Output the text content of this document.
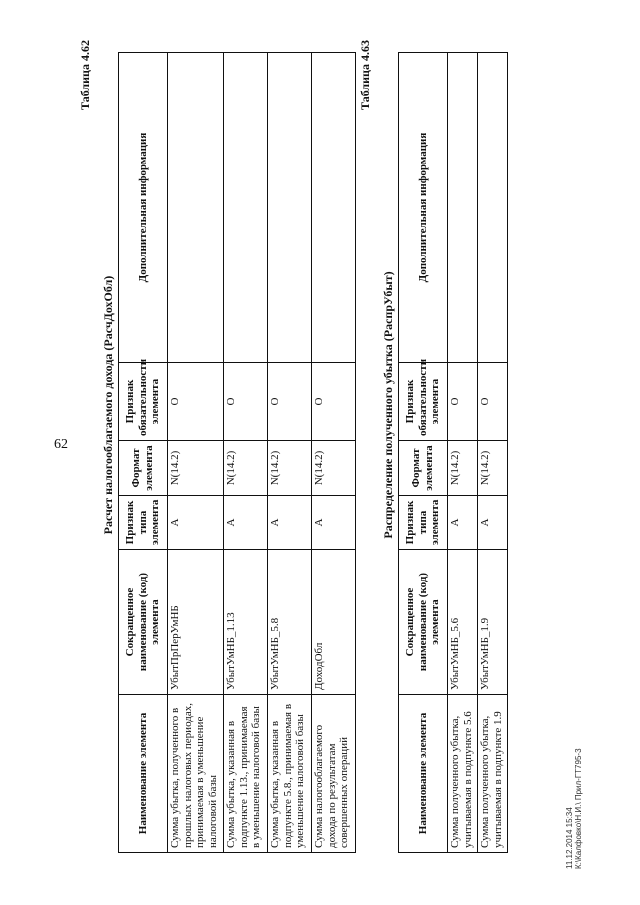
62
Таблица 4.62
Расчет налогооблагаемого дохода (РасчДохОбл)
Наименование элемента	Сокращенное наименование (код) элемента	Признак типа элемента	Формат элемента	Признак обязательности элемента	Дополнительная информация
Сумма убытка, полученного в прошлых налоговых периодах, принимаемая в уменьшение налоговой базы	УбытПрПерУмНБ	А	N(14.2)	О	
Сумма убытка, указанная в подпункте 1.13., принимаемая в уменьшение налоговой базы	УбытУмНБ_1.13	А	N(14.2)	О	
Сумма убытка, указанная в подпункте 5.8., принимаемая в уменьшение налоговой базы	УбытУмНБ_5.8	А	N(14.2)	О	
Сумма налогооблагаемого дохода по результатам совершенных операций	ДоходОбл	А	N(14.2)	О	
Таблица 4.63
Распределение полученного убытка (РаспрУбыт)
Наименование элемента	Сокращенное наименование (код) элемента	Признак типа элемента	Формат элемента	Признак обязательности элемента	Дополнительная информация
Сумма полученного убытка, учитываемая в подпункте 5.6	УбытУмНБ_5.6	А	N(14.2)	О	
Сумма полученного убытка, учитываемая в подпункте 1.9	УбытУмНБ_1.9	А	N(14.2)	О	
11.12.2014 15:34 К:\Калфовко\Н.И.\ Прил-ГТ795-3
